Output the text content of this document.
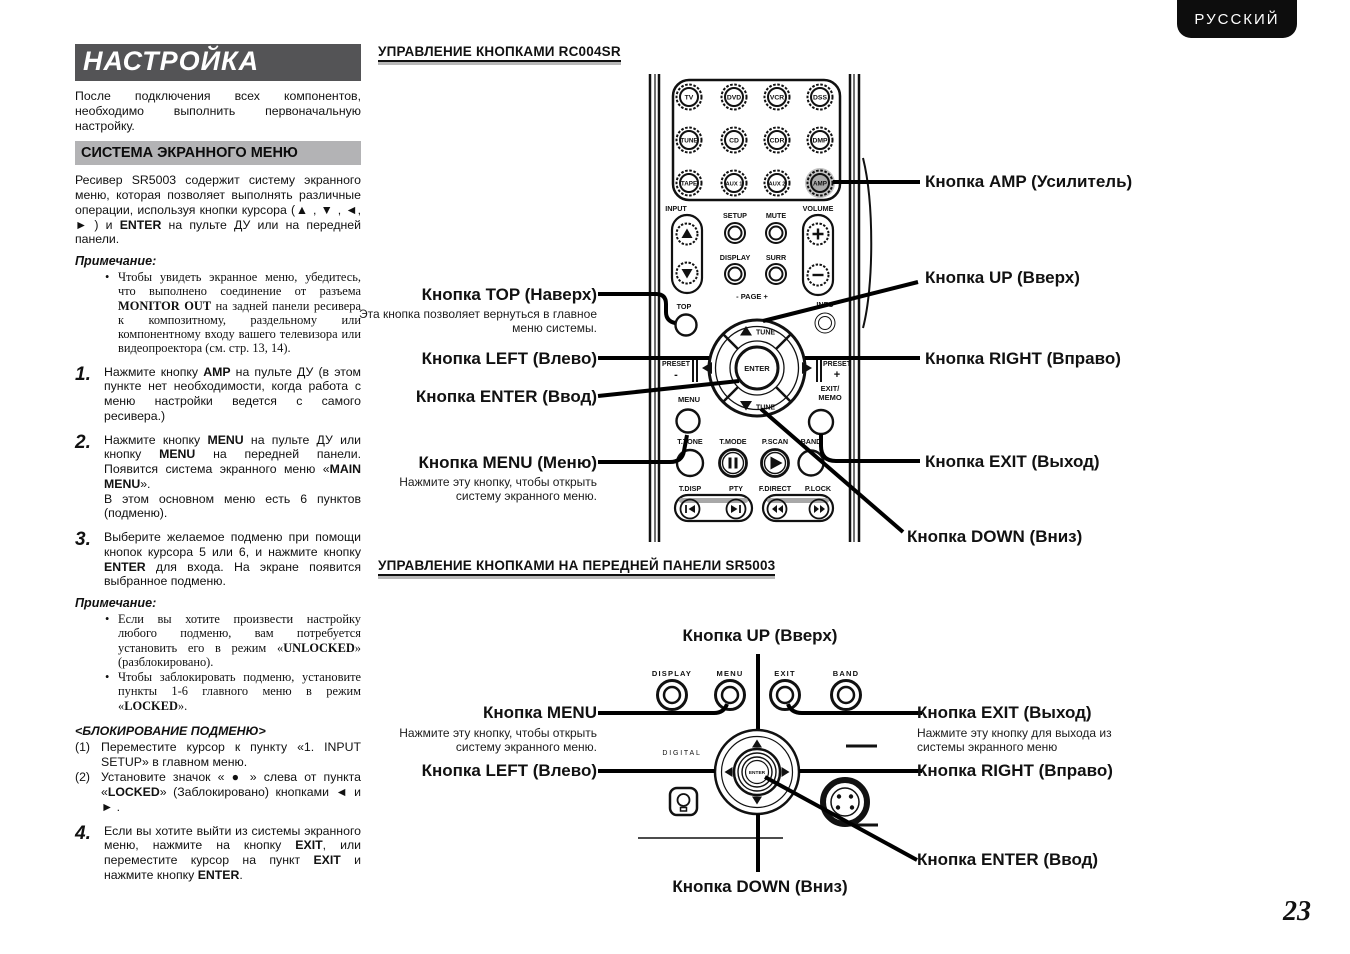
РУССКИЙ
НАСТРОЙКА

После подключения всех компонентов, необходимо выполнить первоначальную настройку.

СИСТЕМА ЭКРАННОГО МЕНЮ

Ресивер SR5003 содержит систему экранного меню, которая позволяет выполнять различные операции, используя кнопки курсора (▲ , ▼ , ◄, ► ) и ENTER на пульте ДУ или на передней панели.

Примечание:

• Чтобы увидеть экранное меню, убедитесь, что выполнено соединение от разъема MONITOR OUT на задней панели ресивера к композитному, раздельному или компонентному входу вашего телевизора или видеопроектора (см. стр. 13, 14).
1.	Нажмите кнопку AMP на пульте ДУ (в этом пункте нет необходимости, когда работа с меню настройки ведется с самого ресивера.)
2.	Нажмите кнопку MENU на пульте ДУ или кнопку MENU на передней панели. Появится система экранного меню «MAIN MENU».
В этом основном меню есть 6 пунктов (подменю).
3.	Выберите желаемое подменю при помощи кнопок курсора 5 или 6, и нажмите кнопку ENTER для входа. На экране появится выбранное подменю.

Примечание:

• Если вы хотите произвести настройку любого подменю, вам потребуется установить его в режим «UNLOCKED» (разблокировано).
• Чтобы заблокировать подменю, установите пункты 1-6 главного меню в режим «LOCKED».

<БЛОКИРОВАНИЕ ПОДМЕНЮ>

(1) Переместите курсор к пункту «1. INPUT SETUP» в главном меню.
(2) Установите значок « ● » слева от пункта «LOCKED» (Заблокировано) кнопками ◄ и ► .
4.	Если вы хотите выйти из системы экранного меню, нажмите на кнопку EXIT, или переместите курсор на пункт EXIT и нажмите кнопку ENTER.
УПРАВЛЕНИЕ КНОПКАМИ RC004SR
TV	DVD	VCR	DSS
TUNE	CD	CDR	DMP
TAPE	AUX 1	AUX 2	AMP
INPUT
SETUP	MUTE
VOLUME
DISPLAY SURR
- PAGE +
TOP	INFO
ENTER
TUNE
TUNE
PRESET
-
PRESET
+
MENU
EXIT/
MEMO
T.TONE T.MODE P.SCAN BAND
T.DISP	PTY F.DIRECT P.LOCK
Кнопка TOP (Наверх)
Эта кнопка позволяет вернуться в главное меню системы.
Кнопка LEFT (Влево)
Кнопка ENTER (Ввод)
Кнопка MENU (Меню)
Нажмите эту кнопку, чтобы открыть систему экранного меню.
Кнопка AMP (Усилитель)
Кнопка UP (Вверх)
Кнопка RIGHT (Вправо)
Кнопка EXIT (Выход)
Кнопка DOWN (Вниз)
УПРАВЛЕНИЕ КНОПКАМИ НА ПЕРЕДНЕЙ ПАНЕЛИ SR5003
DISPLAY	MENU	EXIT	BAND
ENTER
DIGITAL
Кнопка UP (Вверх)
Кнопка MENU
Нажмите эту кнопку, чтобы открыть систему экранного меню.
Кнопка LEFT (Влево)
Кнопка EXIT (Выход)
Нажмите эту кнопку для выхода из системы экранного меню
Кнопка RIGHT (Вправо)
Кнопка ENTER (Ввод)
Кнопка DOWN (Вниз)
23
